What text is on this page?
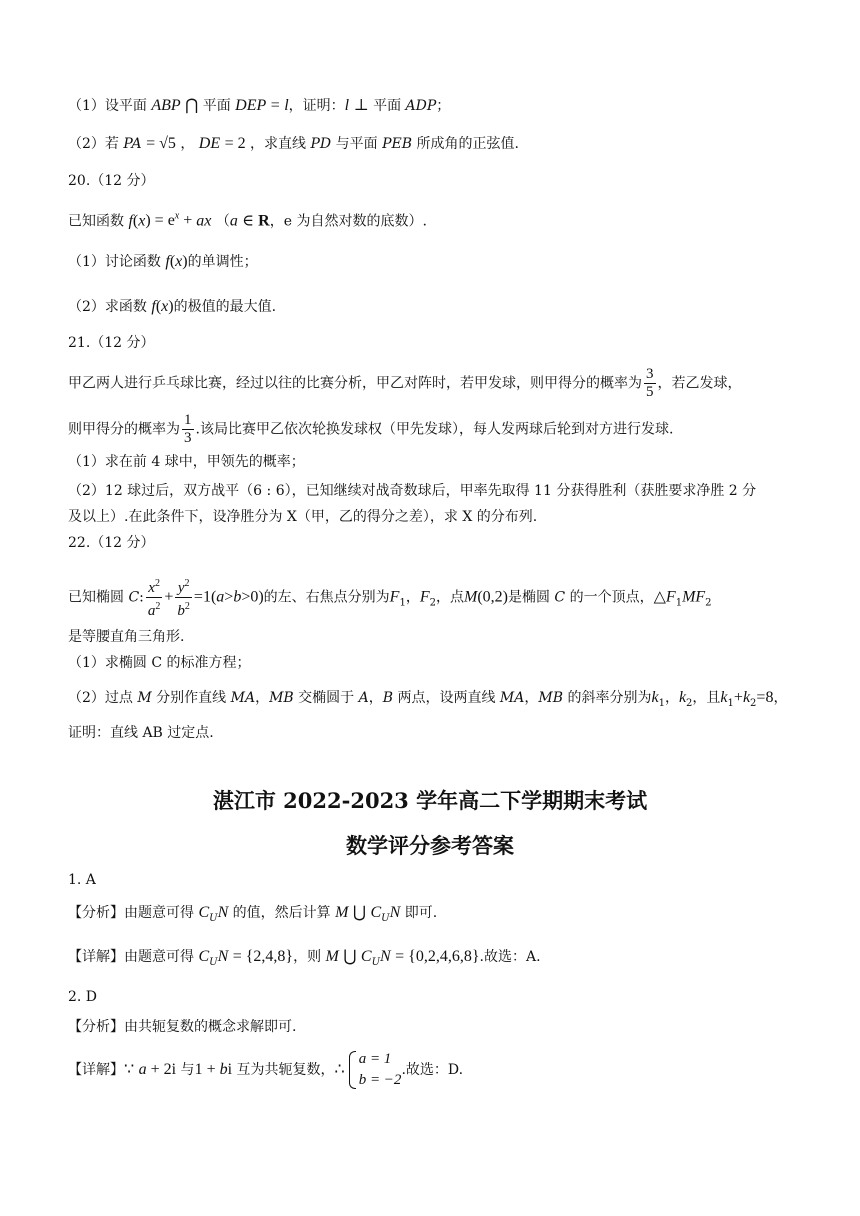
（1）设平面 ABP ⋂ 平面 DEP = l，证明：l ⊥ 平面 ADP；
（2）若 PA = √5 ， DE = 2 ，求直线 PD 与平面 PEB 所成角的正弦值.
20.（12 分）
已知函数 $f(x) = e^x$ + ax （a ∈ R，e 为自然对数的底数）.
（1）讨论函数 f(x)的单调性；
（2）求函数 f(x)的极值的最大值.
21.（12 分）
甲乙两人进行乒乓球比赛，经过以往的比赛分析，甲乙对阵时，若甲发球，则甲得分的概率为 $\frac{3}{5}$ ，若乙发球，
则甲得分的概率为 $\frac{1}{3}$ .该局比赛甲乙依次轮换发球权（甲先发球），每人发两球后轮到对方进行发球.
（1）求在前 4 球中，甲领先的概率；
（2）12 球过后，双方战平（6 : 6），已知继续对战奇数球后，甲率先取得 11 分获得胜利（获胜要求净胜 2 分
及以上）.在此条件下，设净胜分为 X（甲，乙的得分之差），求 X 的分布列.
22.（12 分）
已知椭圆 C: $\frac{x^2}{a^2} + \frac{y^2}{b^2} =1(a>b>0)$的左、右焦点分别为$F_1$，$F_2$，点M(0,2)是椭圆 C 的一个顶点，$\triangle F_1MF_2$
是等腰直角三角形.
（1）求椭圆 C 的标准方程；
（2）过点 M 分别作直线 MA，MB 交椭圆于 A，B 两点，设两直线 MA，MB 的斜率分别为$k_1$，$k_2$，且$k_1+k_2=8$，
证明：直线 AB 过定点.
湛江市 2022-2023 学年高二下学期期末考试
数学评分参考答案
1. A
【分析】由题意可得 $C_UN$ 的值，然后计算 M ⋃ $C_UN$ 即可.
【详解】由题意可得 $C_UN = \{2,4,8\}$，则 M ⋃ $C_UN = \{0,2,4,6,8\}$.故选：A.
2. D
【分析】由共轭复数的概念求解即可.
【详解】∵ a + 2i 与1 + bi 互为共轭复数，∴
a = 1
b = −2
.故选：D.
